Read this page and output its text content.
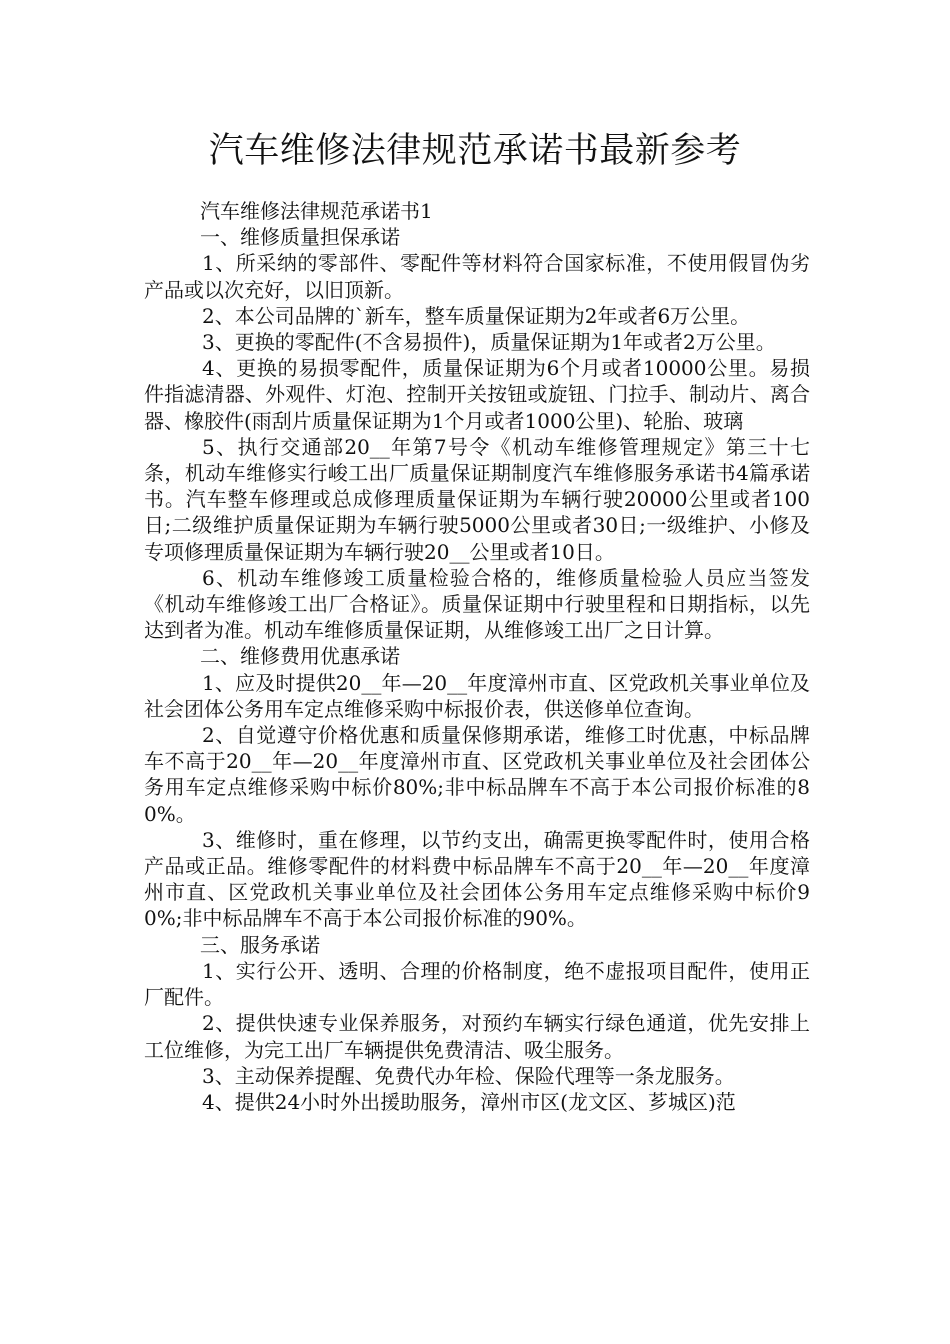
汽车维修法律规范承诺书最新参考

汽车维修法律规范承诺书1

一、维修质量担保承诺

1、所采纳的零部件、零配件等材料符合国家标准，不使用假冒伪劣产品或以次充好，以旧顶新。

2、本公司品牌的`新车，整车质量保证期为2年或者6万公里。

3、更换的零配件(不含易损件)，质量保证期为1年或者2万公里。

4、更换的易损零配件，质量保证期为6个月或者10000公里。易损件指滤清器、外观件、灯泡、控制开关按钮或旋钮、门拉手、制动片、离合器、橡胶件(雨刮片质量保证期为1个月或者1000公里)、轮胎、玻璃

5、执行交通部20__年第7号令《机动车维修管理规定》第三十七条，机动车维修实行峻工出厂质量保证期制度汽车维修服务承诺书4篇承诺书。汽车整车修理或总成修理质量保证期为车辆行驶20000公里或者100日;二级维护质量保证期为车辆行驶5000公里或者30日;一级维护、小修及专项修理质量保证期为车辆行驶20__公里或者10日。

6、机动车维修竣工质量检验合格的，维修质量检验人员应当签发《机动车维修竣工出厂合格证》。质量保证期中行驶里程和日期指标，以先达到者为准。机动车维修质量保证期，从维修竣工出厂之日计算。

二、维修费用优惠承诺

1、应及时提供20__年—20__年度漳州市直、区党政机关事业单位及社会团体公务用车定点维修采购中标报价表，供送修单位查询。

2、自觉遵守价格优惠和质量保修期承诺，维修工时优惠，中标品牌车不高于20__年—20__年度漳州市直、区党政机关事业单位及社会团体公务用车定点维修采购中标价80%;非中标品牌车不高于本公司报价标准的80%。

3、维修时，重在修理，以节约支出，确需更换零配件时，使用合格产品或正品。维修零配件的材料费中标品牌车不高于20__年—20__年度漳州市直、区党政机关事业单位及社会团体公务用车定点维修采购中标价90%;非中标品牌车不高于本公司报价标准的90%。

三、服务承诺

1、实行公开、透明、合理的价格制度，绝不虚报项目配件，使用正厂配件。

2、提供快速专业保养服务，对预约车辆实行绿色通道，优先安排上工位维修，为完工出厂车辆提供免费清洁、吸尘服务。

3、主动保养提醒、免费代办年检、保险代理等一条龙服务。

4、提供24小时外出援助服务，漳州市区(龙文区、芗城区)范
